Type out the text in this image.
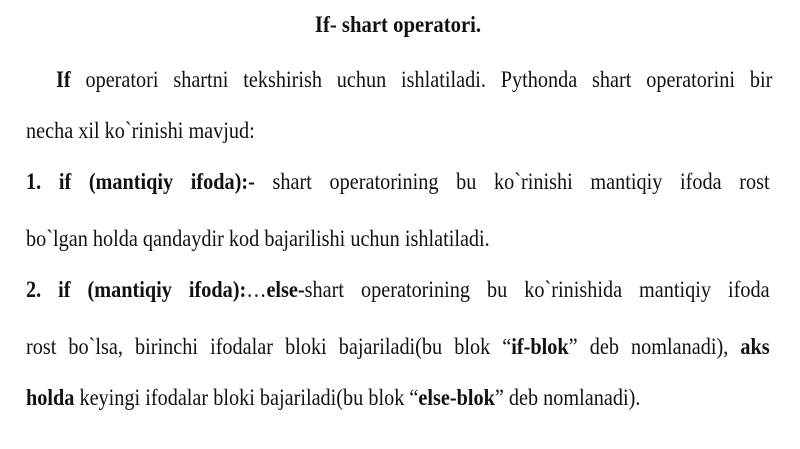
If- shart operatori.
If operatori shartni tekshirish uchun ishlatiladi. Pythonda shart operatorini bir
necha xil ko`rinishi mavjud:
1. if (mantiqiy ifoda):- shart operatorining bu ko`rinishi mantiqiy ifoda rost
bo`lgan holda qandaydir kod bajarilishi uchun ishlatiladi.
2. if (mantiqiy ifoda):…else-shart operatorining bu ko`rinishida mantiqiy ifoda
rost bo`lsa, birinchi ifodalar bloki bajariladi(bu blok “if-blok” deb nomlanadi), aks
holda keyingi ifodalar bloki bajariladi(bu blok “else-blok” deb nomlanadi).
